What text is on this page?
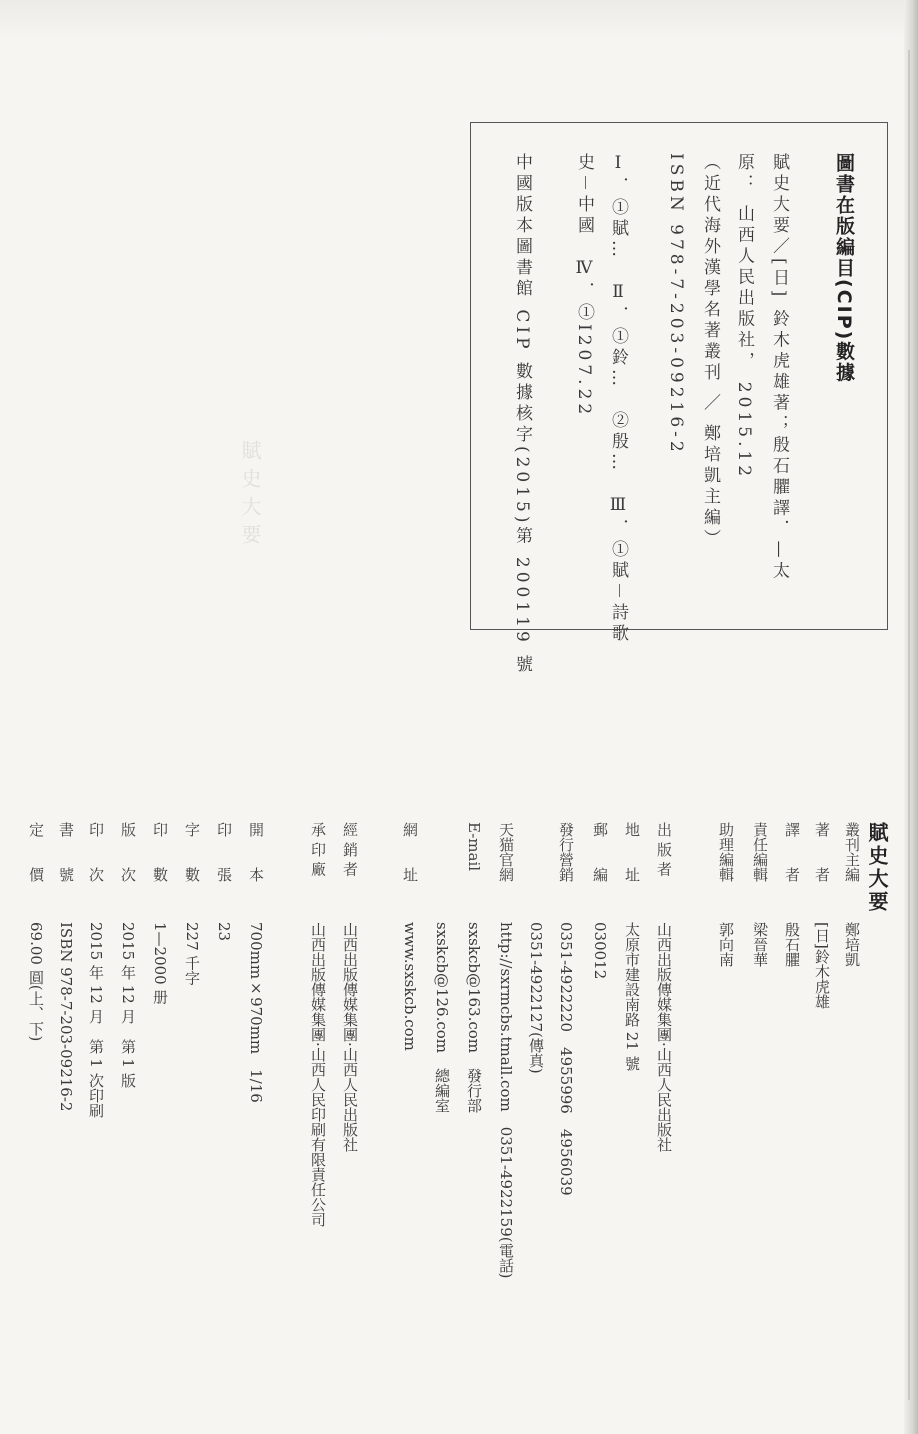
圖書在版編目(CIP)數據
賦史大要／[日] 鈴木虎雄著；殷石臞譯．—太
原： 山西人民出版社， 2015.12
（近代海外漢學名著叢刊 ／ 鄭培凱主編）
ISBN 978-7-203-09216-2
Ⅰ．①賦…　Ⅱ．①鈴…　②殷…　Ⅲ．①賦－詩歌
史－中國　Ⅳ．①I207.22
中國版本圖書館 CIP 數據核字(2015)第 200119 號
賦史大要
賦史大要
叢刊主編
鄭培凱
著　　者
[日]鈴木虎雄
譯　　者
殷石臞
責任編輯
梁晉華
助理編輯
郭向南
出 版 者
山西出版傳媒集團·山西人民出版社
地　　址
太原市建設南路 21 號
郵　　編
030012
發行營銷
0351-4922220　4955996　4956039
天猫官網
http://sxrmcbs.tmall.com　0351-4922159(電話) 0351-4922127(傳真)
E-mail
sxskcb@163.com　發行部
sxskcb@126.com　總編室
網　　址
www.sxskcb.com
經 銷 者
山西出版傳媒集團·山西人民出版社
承 印 廠
山西出版傳媒集團·山西人民印刷有限責任公司
開　　本
700mm×970mm　1/16
印　　張
23
字　　數
227 千字
印　　數
1—2000 册
版　　次
2015 年 12 月　第 1 版
印　　次
2015 年 12 月　第 1 次印刷
書　　號
ISBN 978-7-203-09216-2
定　　價
69.00 圓(上、下)
